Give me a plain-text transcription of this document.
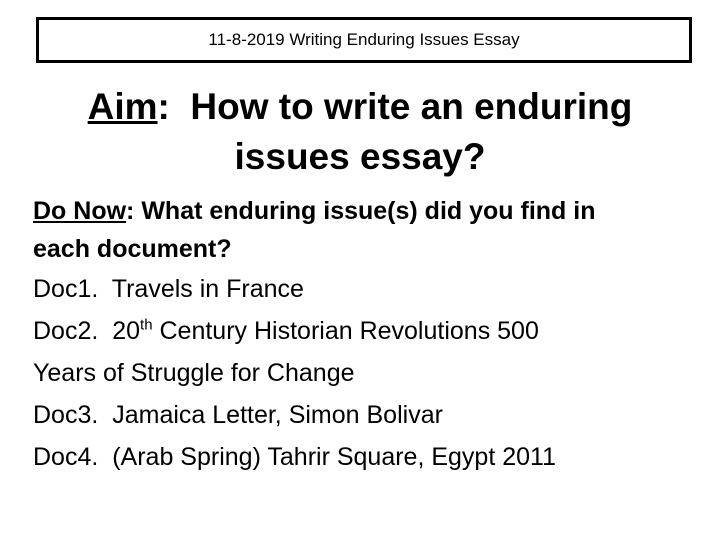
11-8-2019 Writing Enduring Issues Essay
Aim: How to write an enduring
issues essay?
Do Now: What enduring issue(s) did you find in
each document?
Doc1. Travels in France
Doc2. 20th Century Historian Revolutions 500
Years of Struggle for Change
Doc3. Jamaica Letter, Simon Bolivar
Doc4. (Arab Spring) Tahrir Square, Egypt 2011
